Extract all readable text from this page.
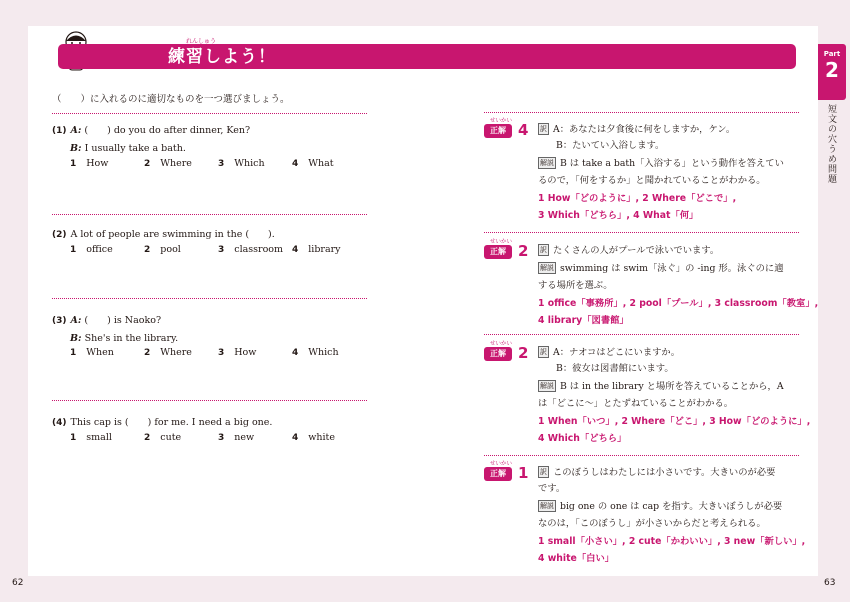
れんしゅう
練習しよう！	Part
2
短文の穴うめ問題
（　　）に入れるのに適切なものを一つ選びましょう。
(1) A: (　　) do you do after dinner, Ken?
B: I usually take a bath.
1 How	2 Where	3 Which	4 What
(2) A lot of people are swimming in the (　　).
1 office	2 pool	3 classroom 4 library
(3) A: (　　) is Naoko?
B: She's in the library.
1 When	2 Where	3 How	4 Which
(4) This cap is (　　) for me. I need a big one.
1 small	2 cute	3 new	4 white
せいかい
正解 4 訳 A：あなたは夕食後に何をしますか，ケン。
B：たいてい入浴します。
解説 B は take a bath「入浴する」という動作を答えてい
るので，「何をするか」と聞かれていることがわかる。
1 How「どのように」, 2 Where「どこで」,
3 Which「どちら」, 4 What「何」
せいかい
正解 2 訳 たくさんの人がプールで泳いでいます。
解説 swimming は swim「泳ぐ」の -ing 形。泳ぐのに適
する場所を選ぶ。
1 office「事務所」, 2 pool「プール」, 3 classroom「教室」,
4 library「図書館」
せいかい
正解 2 訳 A：ナオコはどこにいますか。
B：彼女は図書館にいます。
解説 B は in the library と場所を答えていることから，A
は「どこに～」とたずねていることがわかる。
1 When「いつ」, 2 Where「どこ」, 3 How「どのように」,
4 Which「どちら」
せいかい
正解 1 訳 このぼうしはわたしには小さいです。大きいのが必要
です。
解説 big one の one は cap を指す。大きいぼうしが必要
なのは，「このぼうし」が小さいからだと考えられる。
1 small「小さい」, 2 cute「かわいい」, 3 new「新しい」,
4 white「白い」
62	63
